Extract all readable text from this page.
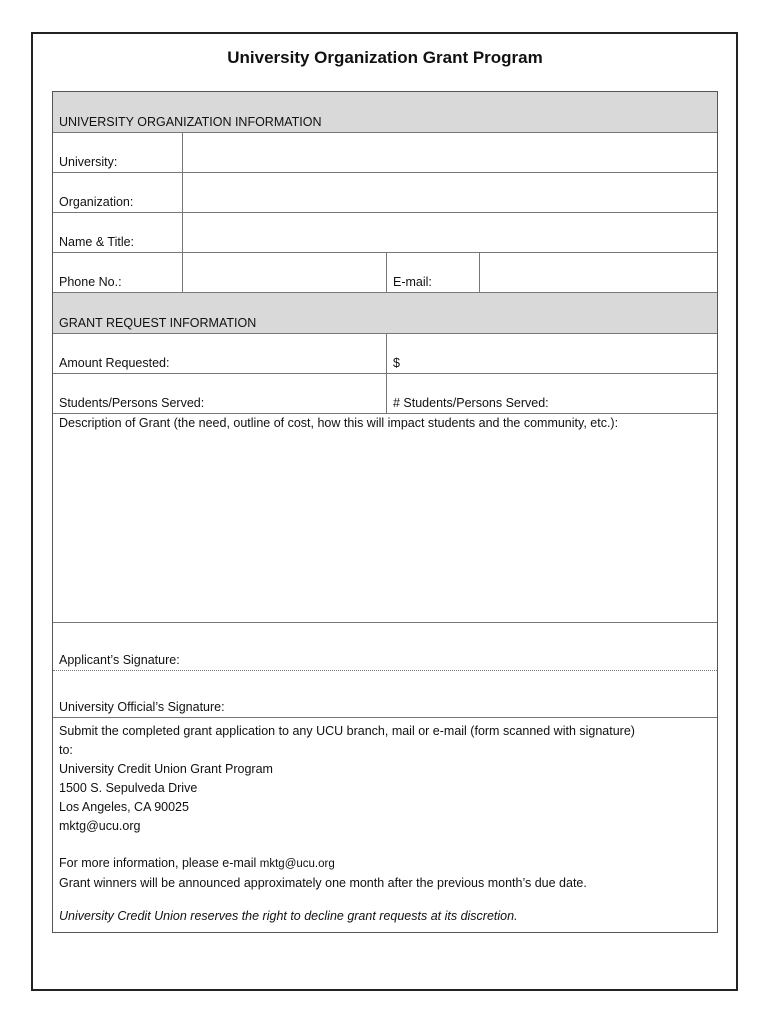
University Organization Grant Program
UNIVERSITY ORGANIZATION INFORMATION
University:
Organization:
Name & Title:
Phone No.:	E-mail:
GRANT REQUEST INFORMATION
Amount Requested:	$
Students/Persons Served:	# Students/Persons Served:
Description of Grant (the need, outline of cost, how this will impact students and the community, etc.):
Applicant’s Signature:
University Official’s Signature:

Submit the completed grant application to any UCU branch, mail or e-mail (form scanned with signature)

to:

University Credit Union Grant Program

1500 S. Sepulveda Drive

Los Angeles, CA 90025

mktg@ucu.org

For more information, please e-mail mktg@ucu.org

Grant winners will be announced approximately one month after the previous month’s due date.

University Credit Union reserves the right to decline grant requests at its discretion.
